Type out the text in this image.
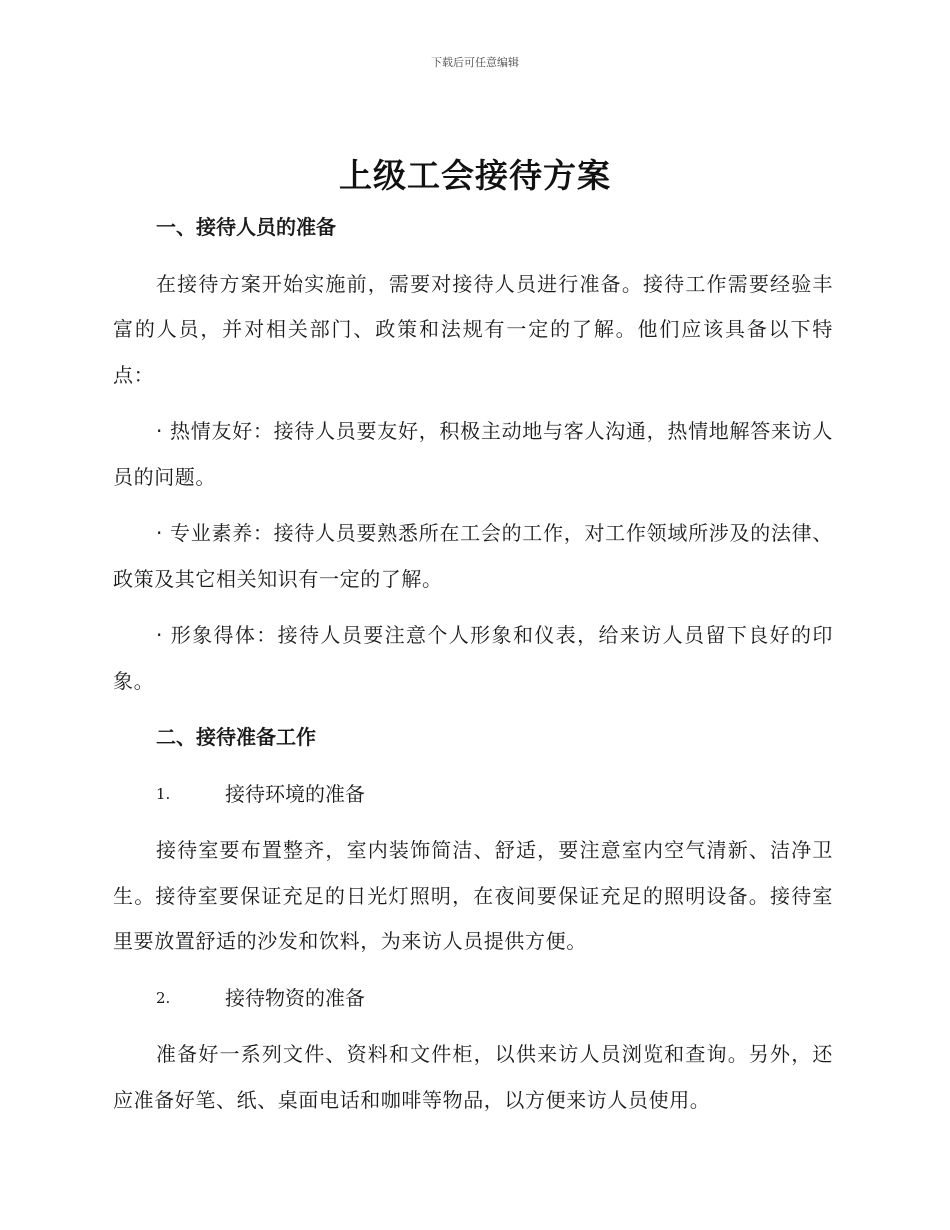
下载后可任意编辑
上级工会接待方案
一、接待人员的准备
在接待方案开始实施前，需要对接待人员进行准备。接待工作需要经验丰富的人员，并对相关部门、政策和法规有一定的了解。他们应该具备以下特点：
· 热情友好：接待人员要友好，积极主动地与客人沟通，热情地解答来访人员的问题。
· 专业素养：接待人员要熟悉所在工会的工作，对工作领域所涉及的法律、政策及其它相关知识有一定的了解。
· 形象得体：接待人员要注意个人形象和仪表，给来访人员留下良好的印象。
二、接待准备工作
1.	接待环境的准备
接待室要布置整齐，室内装饰简洁、舒适，要注意室内空气清新、洁净卫生。接待室要保证充足的日光灯照明，在夜间要保证充足的照明设备。接待室里要放置舒适的沙发和饮料，为来访人员提供方便。
2.	接待物资的准备
准备好一系列文件、资料和文件柜，以供来访人员浏览和查询。另外，还应准备好笔、纸、桌面电话和咖啡等物品，以方便来访人员使用。
